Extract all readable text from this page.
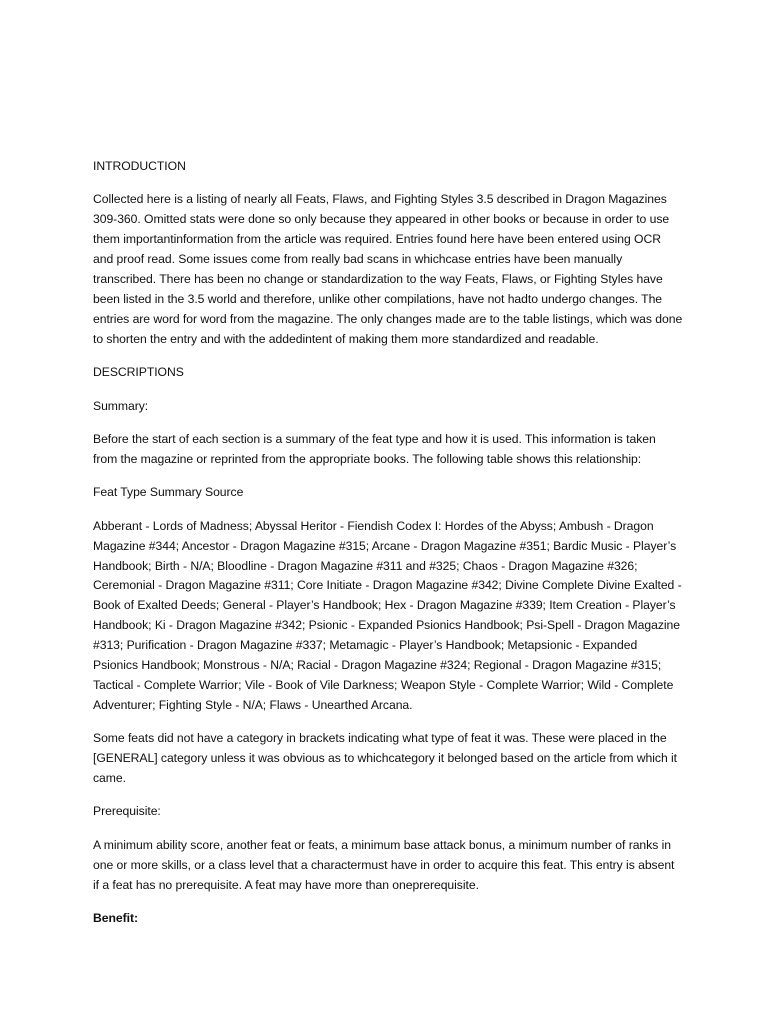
INTRODUCTION

Collected here is a listing of nearly all Feats, Flaws, and Fighting Styles 3.5 described in Dragon Magazines 309-360. Omitted stats were done so only because they appeared in other books or because in order to use them importantinformation from the article was required. Entries found here have been entered using OCR and proof read. Some issues come from really bad scans in whichcase entries have been manually transcribed. There has been no change or standardization to the way Feats, Flaws, or Fighting Styles have been listed in the 3.5 world and therefore, unlike other compilations, have not hadto undergo changes. The entries are word for word from the magazine. The only changes made are to the table listings, which was done to shorten the entry and with the addedintent of making them more standardized and readable.

DESCRIPTIONS
Summary:

Before the start of each section is a summary of the feat type and how it is used. This information is taken from the magazine or reprinted from the appropriate books. The following table shows this relationship:

Feat Type Summary Source

Abberant - Lords of Madness; Abyssal Heritor - Fiendish Codex I: Hordes of the Abyss; Ambush - Dragon Magazine #344; Ancestor - Dragon Magazine #315; Arcane - Dragon Magazine #351; Bardic Music - Player’s Handbook; Birth - N/A; Bloodline - Dragon Magazine #311 and #325; Chaos - Dragon Magazine #326; Ceremonial - Dragon Magazine #311; Core Initiate - Dragon Magazine #342; Divine Complete Divine Exalted - Book of Exalted Deeds; General - Player’s Handbook; Hex - Dragon Magazine #339; Item Creation - Player’s Handbook; Ki - Dragon Magazine #342; Psionic - Expanded Psionics Handbook; Psi-Spell - Dragon Magazine #313; Purification - Dragon Magazine #337; Metamagic - Player’s Handbook; Metapsionic - Expanded Psionics Handbook; Monstrous - N/A; Racial - Dragon Magazine #324; Regional - Dragon Magazine #315; Tactical - Complete Warrior; Vile - Book of Vile Darkness; Weapon Style - Complete Warrior; Wild - Complete Adventurer; Fighting Style - N/A; Flaws - Unearthed Arcana.

Some feats did not have a category in brackets indicating what type of feat it was. These were placed in the [GENERAL] category unless it was obvious as to whichcategory it belonged based on the article from which it came.

Prerequisite:

A minimum ability score, another feat or feats, a minimum base attack bonus, a minimum number of ranks in one or more skills, or a class level that a charactermust have in order to acquire this feat. This entry is absent if a feat has no prerequisite. A feat may have more than oneprerequisite.

Benefit:
